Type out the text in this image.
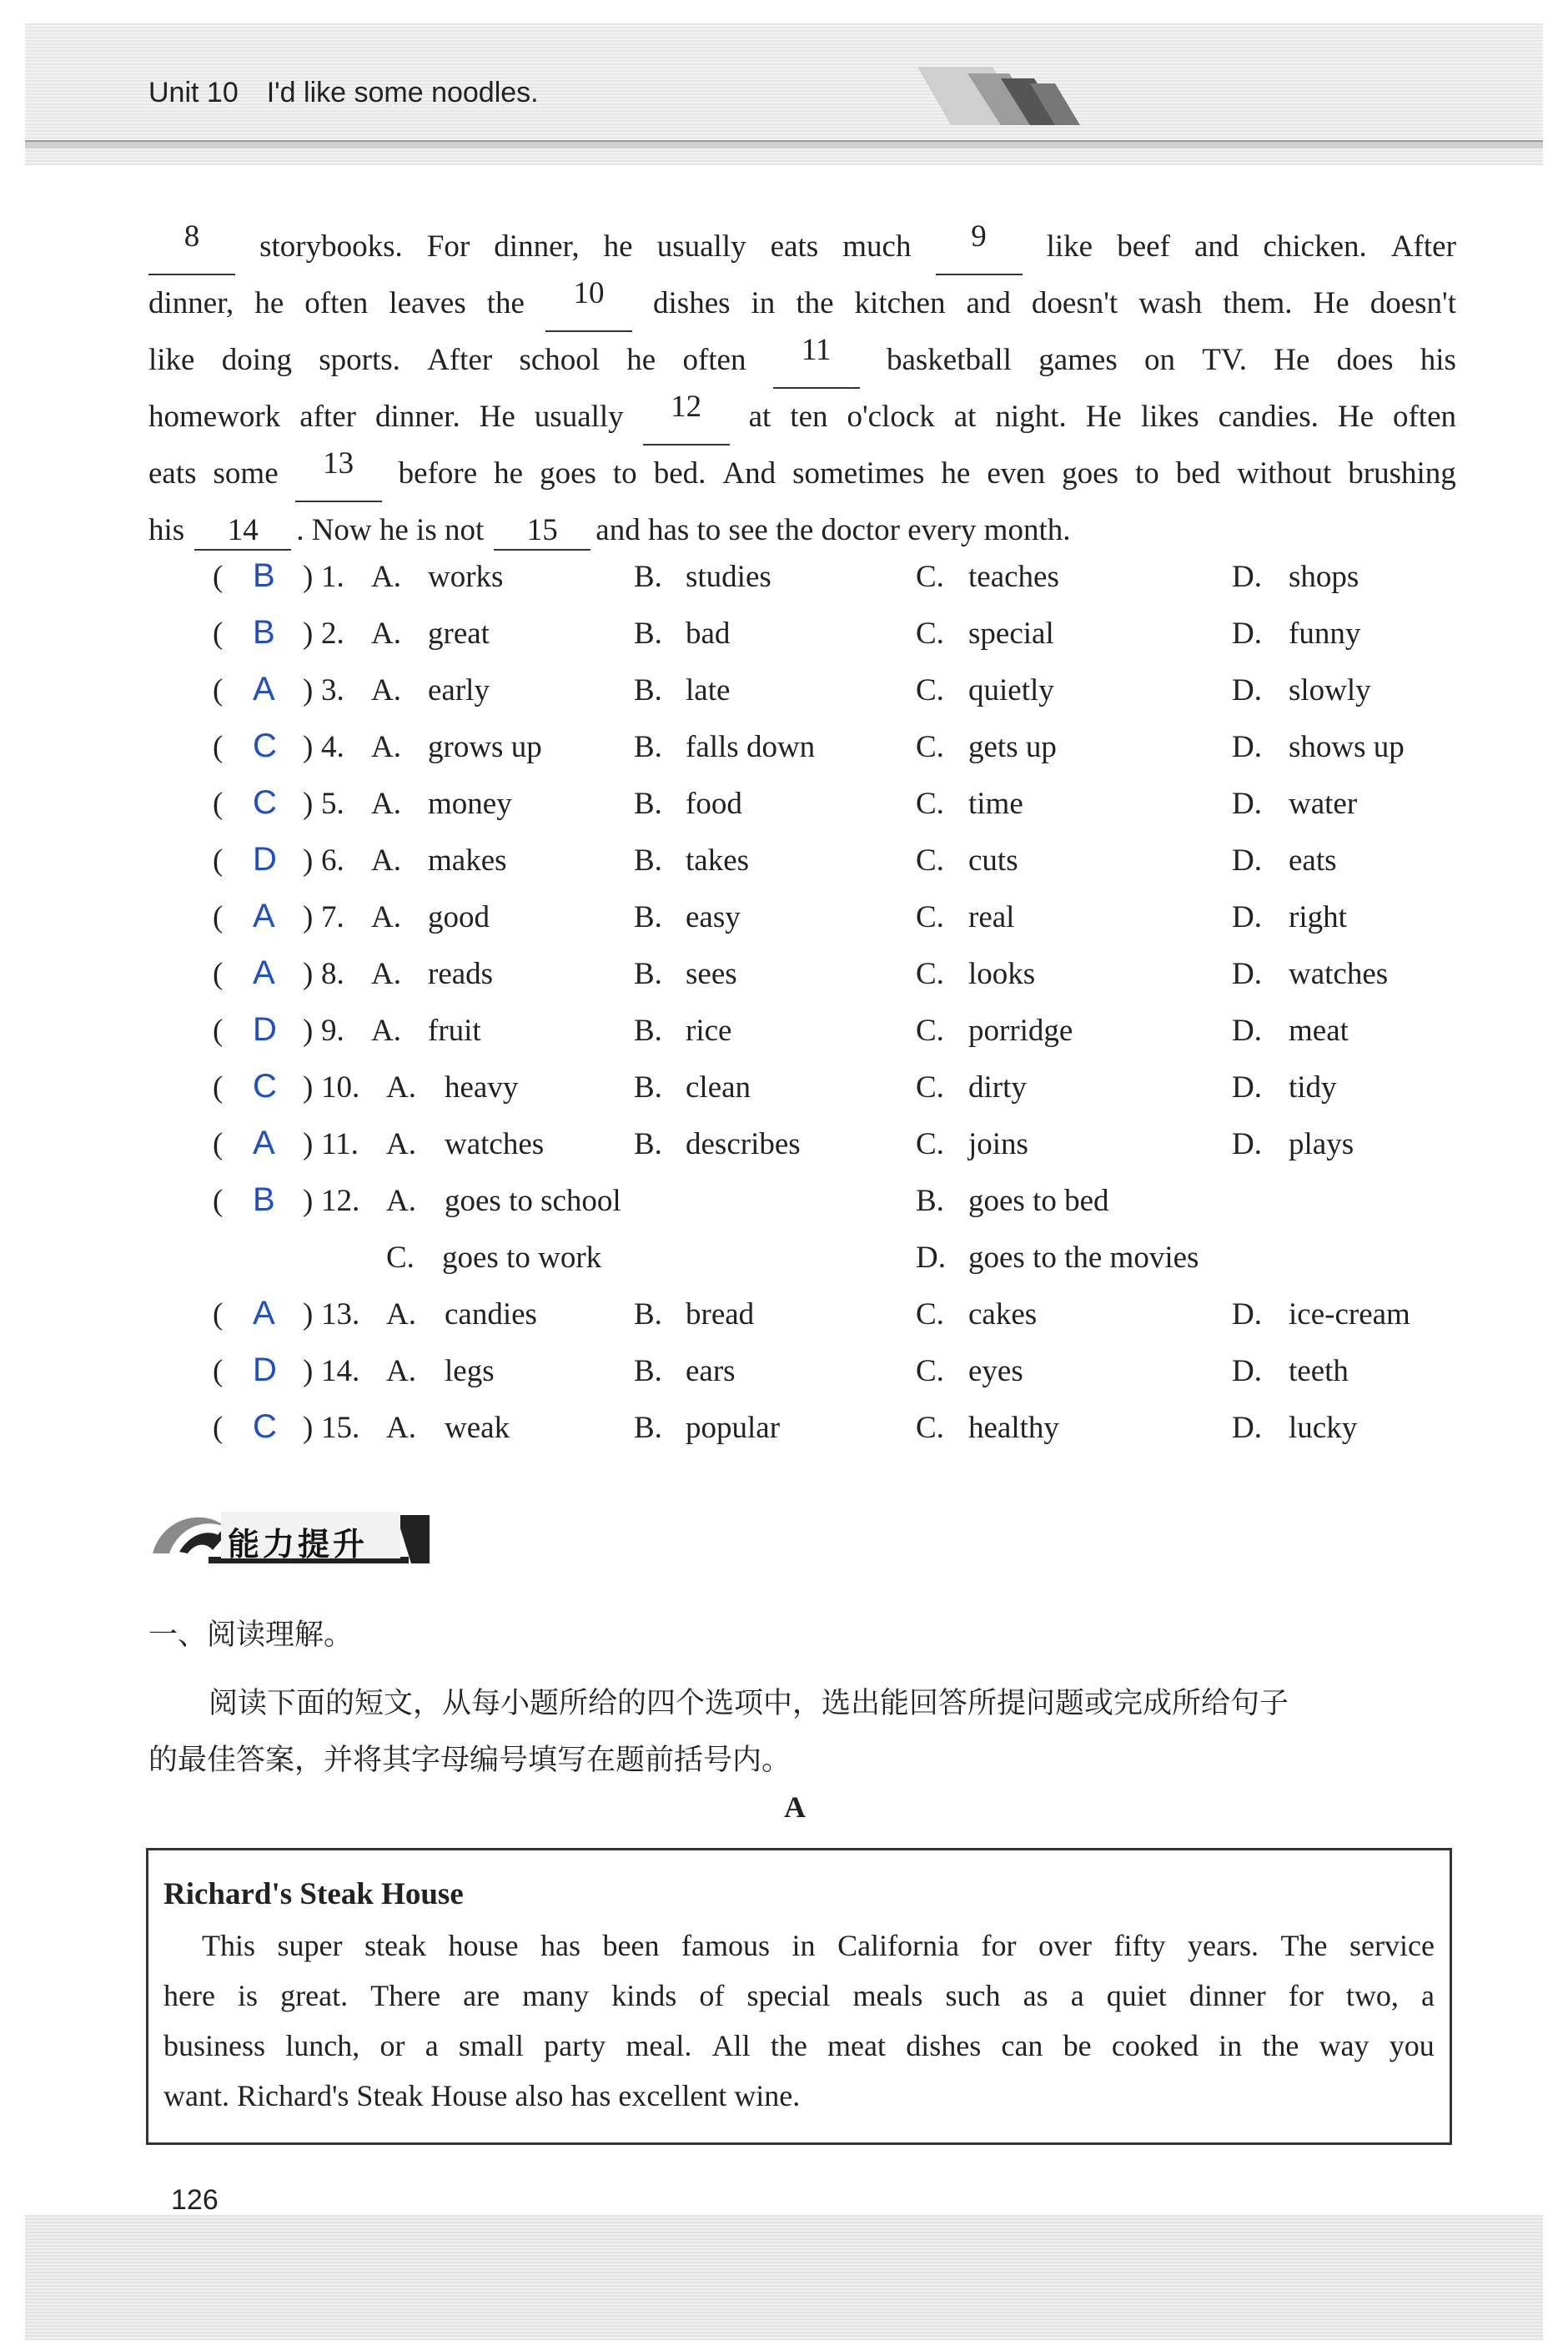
Unit 10 I'd like some noodles.
8	storybooks. For dinner, he usually eats much	9	like beef and chicken. After
dinner, he often leaves the	10	dishes in the kitchen and doesn't wash them. He doesn't
like doing sports. After school he often	11	basketball games on TV. He does his
homework after dinner. He usually	12	at ten o'clock at night. He likes candies. He often
eats some	13	before he goes to bed. And sometimes he even goes to bed without brushing
his 14 . Now he is not 15 and has to see the doctor every month.
( B ) 1. A. works	B. studies	C. teaches	D. shops
( B ) 2. A. great	B. bad	C. special	D. funny
( A ) 3. A. early	B. late	C. quietly	D. slowly
( C ) 4. A. grows up	B. falls down	C. gets up	D. shows up
( C ) 5. A. money	B. food	C. time	D. water
( D ) 6. A. makes	B. takes	C. cuts	D. eats
( A ) 7. A. good	B. easy	C. real	D. right
( A ) 8. A. reads	B. sees	C. looks	D. watches
( D ) 9. A. fruit	B. rice	C. porridge	D. meat
( C ) 10. A. heavy	B. clean	C. dirty	D. tidy
( A ) 11. A. watches	B. describes	C. joins	D. plays
( B ) 12. A. goes to school	B. goes to bed
C. goes to work	D. goes to the movies
( A ) 13. A. candies	B. bread	C. cakes	D. ice-cream
( D ) 14. A. legs	B. ears	C. eyes	D. teeth
( C ) 15. A. weak	B. popular	C. healthy	D. lucky
能力提升
一、阅读理解。
阅读下面的短文，从每小题所给的四个选项中，选出能回答所提问题或完成所给句子
的最佳答案，并将其字母编号填写在题前括号内。
A
Richard's Steak House
This super steak house has been famous in California for over fifty years. The service
here is great. There are many kinds of special meals such as a quiet dinner for two, a
business lunch, or a small party meal. All the meat dishes can be cooked in the way you
want. Richard's Steak House also has excellent wine.
126
